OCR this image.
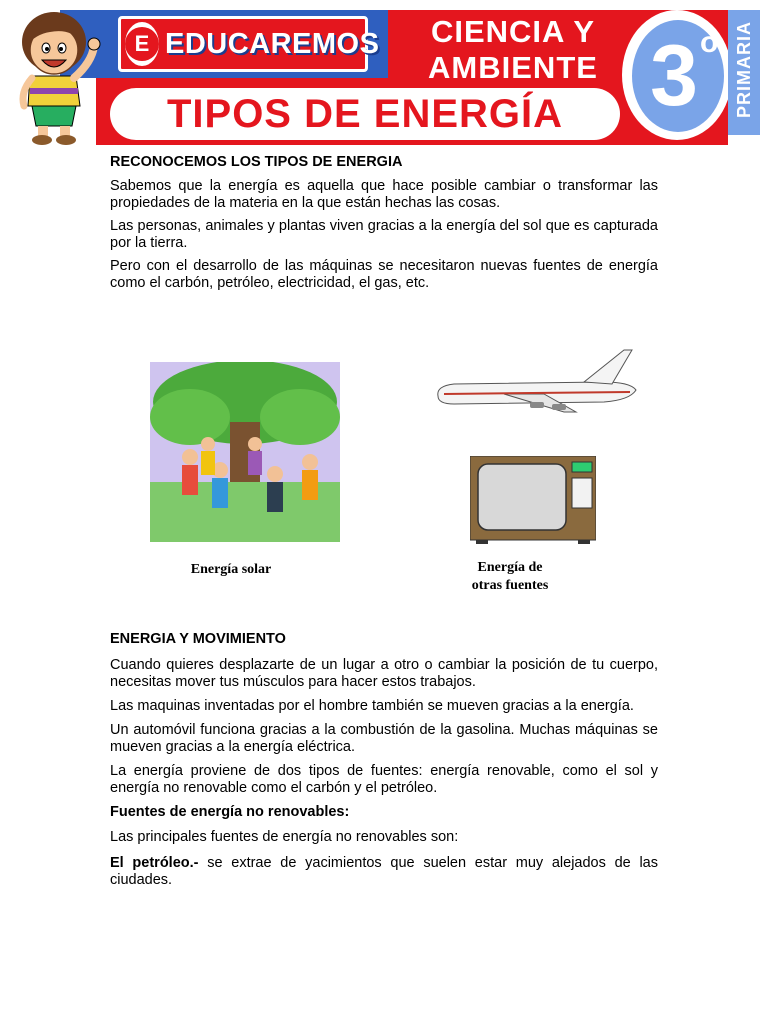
E EDUCAREMOS	CIENCIA Y
AMBIENTE
TIPOS DE ENERGÍA 3 o PRIMARIA
RECONOCEMOS LOS TIPOS DE ENERGIA

Sabemos que la energía es aquella que hace posible cambiar o transformar las propiedades de la materia en la que están hechas las cosas.

Las personas, animales y plantas viven gracias a la energía del sol que es capturada por la tierra.

Pero con el desarrollo de las máquinas se necesitaron nuevas fuentes de energía como el carbón, petróleo, electricidad, el gas, etc.

Energía solar	Energía de
otras fuentes
ENERGIA Y MOVIMIENTO

Cuando quieres desplazarte de un lugar a otro o cambiar la posición de tu cuerpo, necesitas mover tus músculos para hacer estos trabajos.

Las maquinas inventadas por el hombre también se mueven gracias a la energía.

Un automóvil funciona gracias a la combustión de la gasolina. Muchas máquinas se mueven gracias a la energía eléctrica.

La energía proviene de dos tipos de fuentes: energía renovable, como el sol y energía no renovable como el carbón y el petróleo.

Fuentes de energía no renovables:

Las principales fuentes de energía no renovables son:

El petróleo.- se extrae de yacimientos que suelen estar muy alejados de las ciudades.
